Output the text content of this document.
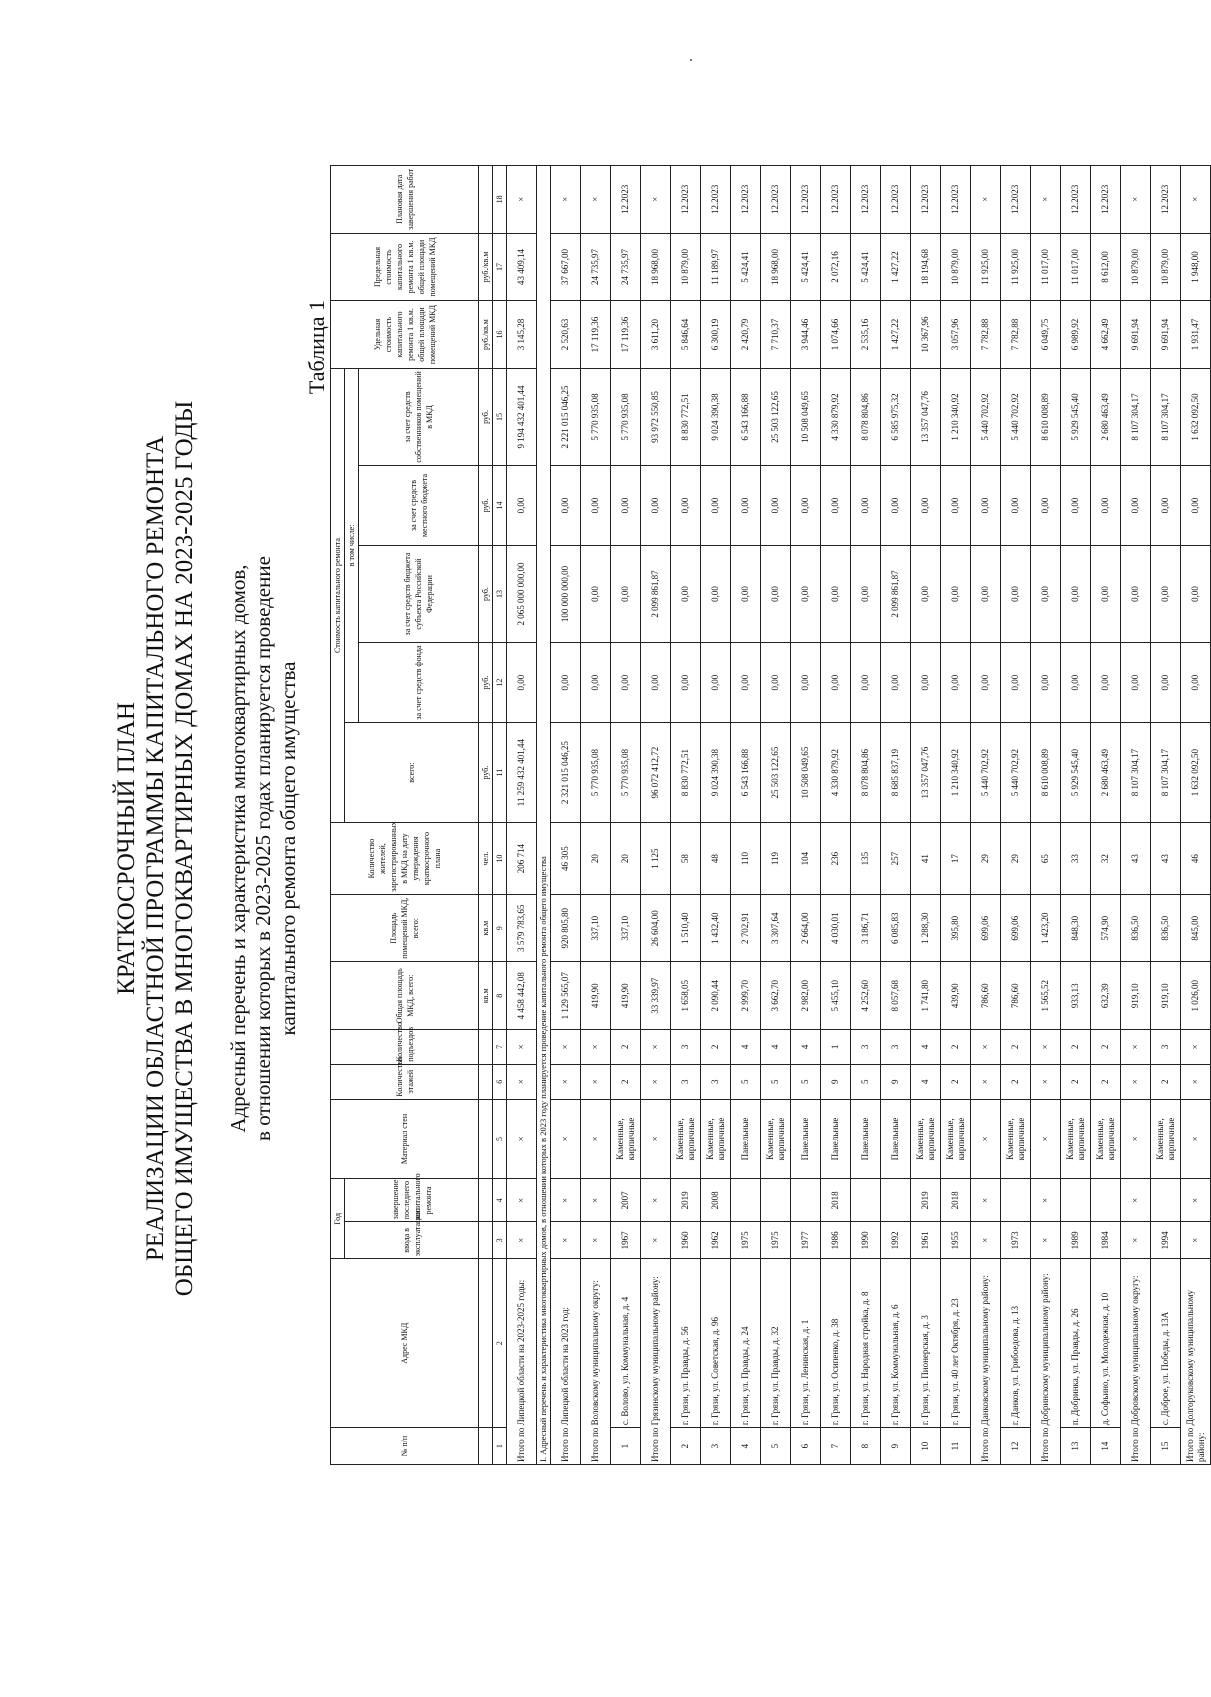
КРАТКОСРОЧНЫЙ ПЛАН РЕАЛИЗАЦИИ ОБЛАСТНОЙ ПРОГРАММЫ КАПИТАЛЬНОГО РЕМОНТА ОБЩЕГО ИМУЩЕСТВА В МНОГОКВАРТИРНЫХ ДОМАХ НА 2023-2025 ГОДЫ Адресный перечень и характеристика многоквартирных домов, в отношении которых в 2023-2025 годах планируется проведение капитального ремонта общего имущества
Таблица 1
№ п/п	Адрес МКД	Год		Материал стен	Количество этажей	Количество подъездов	Общая площадь МКД, всего:	Площадь помещений МКД, всего:	Количество жителей, зарегистрированных в МКД на дату утверждения краткосрочного плана	Стоимость капитального ремонта					Удельная стоимость капитального ремонта 1 кв.м. общей площади помещений МКД	Предельная стоимость капитального ремонта 1 кв.м. общей площади помещений МКД	Плановая дата завершения работ
		ввода в эксплуатацию	завершение последнего капитального ремонта							всего:	в том числе:						
											за счет средств фонда	за счет средств бюджета субъекта Российской Федерации	за счет средств местного бюджета	за счет средств собственников помещений в МКД			
							кв.м	кв.м	чел.	руб.	руб.	руб.	руб.	руб.	руб./кв.м	руб./кв.м	
1	2	3	4	5	6	7	8	9	10	11	12	13	14	15	16	17	18
Итого по Липецкой области на 2023-2025 годы:		×	×	×	×	×	4 458 442,08	3 579 783,65	206 714	11 259 432 401,44	0,00	2 065 000 000,00	0,00	9 194 432 401,44	3 145,28	43 409,14	×
I. Адресный перечень и характеристика многоквартирных домов, в отношении которых в 2023 году планируется проведение капитального ремонта общего имущества																	
Итого по Липецкой области на 2023 год:		×	×	×	×	×	1 129 565,07	920 805,80	46 305	2 321 015 046,25	0,00	100 000 000,00	0,00	2 221 015 046,25	2 520,63	37 667,00	×
Итого по Воловскому муниципальному округу:		×	×	×	×	×	419,90	337,10	20	5 770 935,08	0,00	0,00	0,00	5 770 935,08	17 119,36	24 735,97	×
1	с. Волово, ул. Коммунальная, д. 4	1967	2007	Каменные, кирпичные	2	2	419,90	337,10	20	5 770 935,08	0,00	0,00	0,00	5 770 935,08	17 119,36	24 735,97	12.2023
Итого по Грязинскому муниципальному району:		×	×	×	×	×	33 339,97	26 604,00	1 125	96 072 412,72	0,00	2 099 861,87	0,00	93 972 550,85	3 611,20	18 968,00	×
2	г. Грязи, ул. Правды, д. 56	1960	2019	Каменные, кирпичные	3	3	1 658,05	1 510,40	58	8 830 772,51	0,00	0,00	0,00	8 830 772,51	5 846,64	10 879,00	12.2023
3	г. Грязи, ул. Советская, д. 96	1962	2008	Каменные, кирпичные	3	2	2 090,44	1 432,40	48	9 024 390,38	0,00	0,00	0,00	9 024 390,38	6 300,19	11 189,97	12.2023
4	г. Грязи, ул. Правды, д. 24	1975		Панельные	5	4	2 999,70	2 702,91	110	6 543 166,88	0,00	0,00	0,00	6 543 166,88	2 420,79	5 424,41	12.2023
5	г. Грязи, ул. Правды, д. 32	1975		Каменные, кирпичные	5	4	3 662,70	3 307,64	119	25 503 122,65	0,00	0,00	0,00	25 503 122,65	7 710,37	18 968,00	12.2023
6	г. Грязи, ул. Ленинская, д. 1	1977		Панельные	5	4	2 982,00	2 664,00	104	10 508 049,65	0,00	0,00	0,00	10 508 049,65	3 944,46	5 424,41	12.2023
7	г. Грязи, ул. Осипенко, д. 38	1986	2018	Панельные	9	1	5 455,10	4 030,01	236	4 330 879,92	0,00	0,00	0,00	4 330 879,92	1 074,66	2 072,16	12.2023
8	г. Грязи, ул. Народная стройка, д. 8	1990		Панельные	5	3	4 252,60	3 186,71	135	8 078 804,86	0,00	0,00	0,00	8 078 804,86	2 535,16	5 424,41	12.2023
9	г. Грязи, ул. Коммунальная, д. 6	1992		Панельные	9	3	8 057,68	6 085,83	257	8 685 837,19	0,00	2 099 861,87	0,00	6 585 975,32	1 427,22	1 427,22	12.2023
10	г. Грязи, ул. Пионерская, д. 3	1961	2019	Каменные, кирпичные	4	4	1 741,80	1 288,30	41	13 357 047,76	0,00	0,00	0,00	13 357 047,76	10 367,96	18 194,68	12.2023
11	г. Грязи, ул. 40 лет Октября, д. 23	1955	2018	Каменные, кирпичные	2	2	439,90	395,80	17	1 210 340,92	0,00	0,00	0,00	1 210 340,92	3 057,96	10 879,00	12.2023
Итого по Данковскому муниципальному району:		×	×	×	×	×	786,60	699,06	29	5 440 702,92	0,00	0,00	0,00	5 440 702,92	7 782,88	11 925,00	×
12	г. Данков, ул. Грибоедова, д. 13	1973		Каменные, кирпичные	2	2	786,60	699,06	29	5 440 702,92	0,00	0,00	0,00	5 440 702,92	7 782,88	11 925,00	12.2023
Итого по Добринскому муниципальному району:		×	×	×	×	×	1 565,52	1 423,20	65	8 610 008,89	0,00	0,00	0,00	8 610 008,89	6 049,75	11 017,00	×
13	п. Добринка, ул. Правды, д. 26	1989		Каменные, кирпичные	2	2	933,13	848,30	33	5 929 545,40	0,00	0,00	0,00	5 929 545,40	6 989,92	11 017,00	12.2023
14	д. Софьино, ул. Молодежная, д. 10	1984		Каменные, кирпичные	2	2	632,39	574,90	32	2 680 463,49	0,00	0,00	0,00	2 680 463,49	4 662,49	8 612,00	12.2023
Итого по Добровскому муниципальному округу:		×	×	×	×	×	919,10	836,50	43	8 107 304,17	0,00	0,00	0,00	8 107 304,17	9 691,94	10 879,00	×
15	с. Доброе, ул. Победы, д. 13А	1994		Каменные, кирпичные	2	3	919,10	836,50	43	8 107 304,17	0,00	0,00	0,00	8 107 304,17	9 691,94	10 879,00	12.2023
Итого по Долгоруковскому муниципальному району:		×	×	×	×	×	1 026,00	845,00	46	1 632 092,50	0,00	0,00	0,00	1 632 092,50	1 931,47	1 948,00	×
